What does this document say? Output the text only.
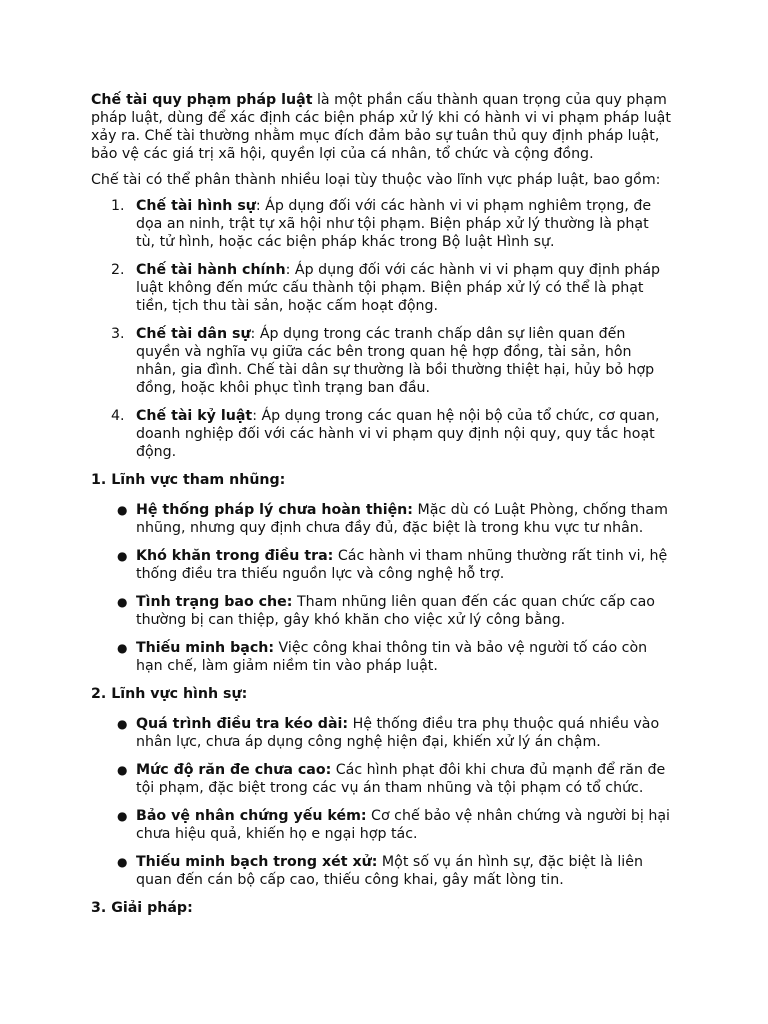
Chế tài quy phạm pháp luật là một phần cấu thành quan trọng của quy phạm pháp luật, dùng để xác định các biện pháp xử lý khi có hành vi vi phạm pháp luật xảy ra. Chế tài thường nhằm mục đích đảm bảo sự tuân thủ quy định pháp luật, bảo vệ các giá trị xã hội, quyền lợi của cá nhân, tổ chức và cộng đồng.

Chế tài có thể phân thành nhiều loại tùy thuộc vào lĩnh vực pháp luật, bao gồm:

1. Chế tài hình sự: Áp dụng đối với các hành vi vi phạm nghiêm trọng, đe dọa an ninh, trật tự xã hội như tội phạm. Biện pháp xử lý thường là phạt tù, tử hình, hoặc các biện pháp khác trong Bộ luật Hình sự.
2. Chế tài hành chính: Áp dụng đối với các hành vi vi phạm quy định pháp luật không đến mức cấu thành tội phạm. Biện pháp xử lý có thể là phạt tiền, tịch thu tài sản, hoặc cấm hoạt động.
3. Chế tài dân sự: Áp dụng trong các tranh chấp dân sự liên quan đến quyền và nghĩa vụ giữa các bên trong quan hệ hợp đồng, tài sản, hôn nhân, gia đình. Chế tài dân sự thường là bồi thường thiệt hại, hủy bỏ hợp đồng, hoặc khôi phục tình trạng ban đầu.
4. Chế tài kỷ luật: Áp dụng trong các quan hệ nội bộ của tổ chức, cơ quan, doanh nghiệp đối với các hành vi vi phạm quy định nội quy, quy tắc hoạt động.

1. Lĩnh vực tham nhũng:

● Hệ thống pháp lý chưa hoàn thiện: Mặc dù có Luật Phòng, chống tham nhũng, nhưng quy định chưa đầy đủ, đặc biệt là trong khu vực tư nhân.
● Khó khăn trong điều tra: Các hành vi tham nhũng thường rất tinh vi, hệ thống điều tra thiếu nguồn lực và công nghệ hỗ trợ.
● Tình trạng bao che: Tham nhũng liên quan đến các quan chức cấp cao thường bị can thiệp, gây khó khăn cho việc xử lý công bằng.
● Thiếu minh bạch: Việc công khai thông tin và bảo vệ người tố cáo còn hạn chế, làm giảm niềm tin vào pháp luật.

2. Lĩnh vực hình sự:

● Quá trình điều tra kéo dài: Hệ thống điều tra phụ thuộc quá nhiều vào nhân lực, chưa áp dụng công nghệ hiện đại, khiến xử lý án chậm.
● Mức độ răn đe chưa cao: Các hình phạt đôi khi chưa đủ mạnh để răn đe tội phạm, đặc biệt trong các vụ án tham nhũng và tội phạm có tổ chức.
● Bảo vệ nhân chứng yếu kém: Cơ chế bảo vệ nhân chứng và người bị hại chưa hiệu quả, khiến họ e ngại hợp tác.
● Thiếu minh bạch trong xét xử: Một số vụ án hình sự, đặc biệt là liên quan đến cán bộ cấp cao, thiếu công khai, gây mất lòng tin.

3. Giải pháp:
